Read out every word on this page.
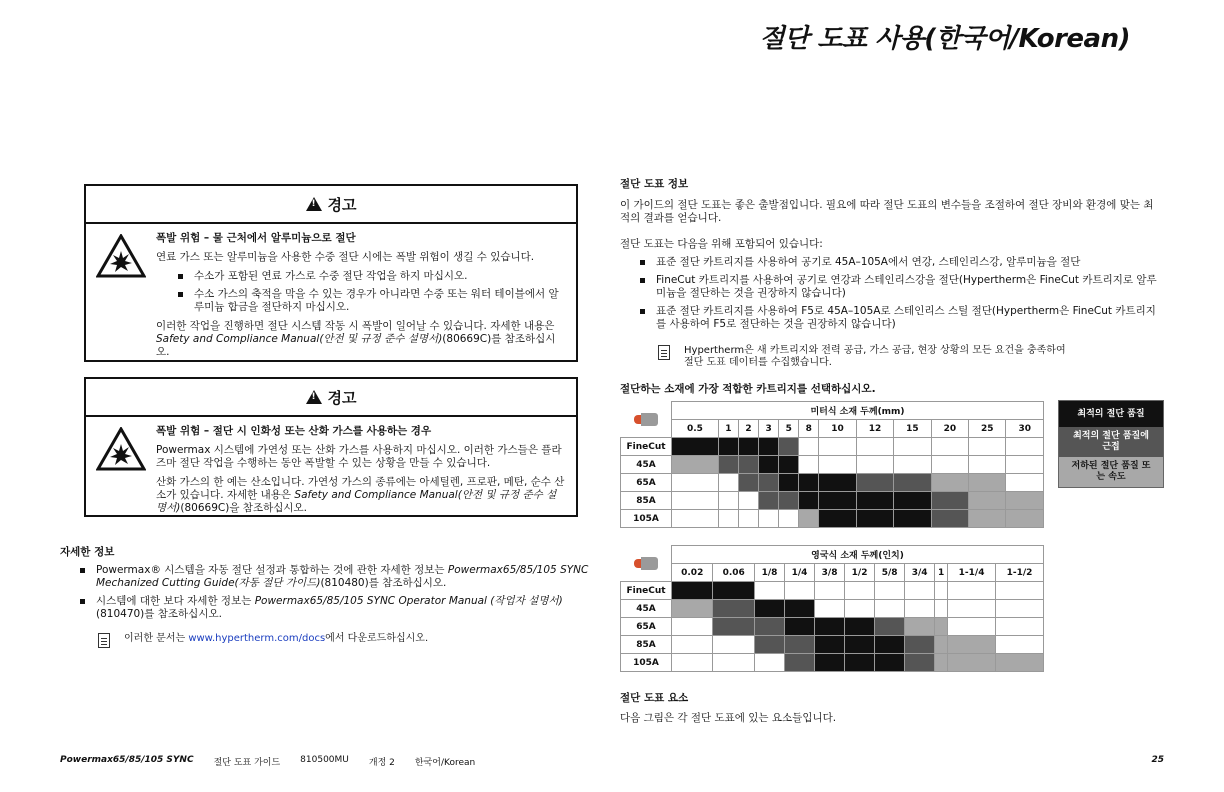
절단 도표 사용(한국어/Korean)
!
경고
폭발 위험 – 물 근처에서 알루미늄으로 절단

연료 가스 또는 알루미늄을 사용한 수중 절단 시에는 폭발 위험이 생길 수 있습니다.

수소가 포함된 연료 가스로 수중 절단 작업을 하지 마십시오.
수소 가스의 축적을 막을 수 있는 경우가 아니라면 수중 또는 워터 테이블에서 알루미늄 합금을 절단하지 마십시오.

이러한 작업을 진행하면 절단 시스템 작동 시 폭발이 일어날 수 있습니다. 자세한 내용은 Safety and Compliance Manual(안전 및 규정 준수 설명서)(80669C)를 참조하십시오.

!
경고
폭발 위험 – 절단 시 인화성 또는 산화 가스를 사용하는 경우

Powermax 시스템에 가연성 또는 산화 가스를 사용하지 마십시오. 이러한 가스들은 플라즈마 절단 작업을 수행하는 동안 폭발할 수 있는 상황을 만들 수 있습니다.

산화 가스의 한 예는 산소입니다. 가연성 가스의 종류에는 아세틸렌, 프로판, 메탄, 순수 산소가 있습니다. 자세한 내용은 Safety and Compliance Manual(안전 및 규정 준수 설명서)(80669C)을 참조하십시오.

자세한 정보
Powermax® 시스템을 자동 절단 설정과 통합하는 것에 관한 자세한 정보는 Powermax65/85/105 SYNC Mechanized Cutting Guide(자동 절단 가이드)(810480)를 참조하십시오.
시스템에 대한 보다 자세한 정보는 Powermax65/85/105 SYNC Operator Manual (작업자 설명서)(810470)를 참조하십시오.
이러한 문서는 www.hypertherm.com/docs에서 다운로드하십시오.
절단 도표 정보
이 가이드의 절단 도표는 좋은 출발점입니다. 필요에 따라 절단 도표의 변수들을 조절하여 절단 장비와 환경에 맞는 최적의 결과를 얻습니다.
절단 도표는 다음을 위해 포함되어 있습니다:
표준 절단 카트리지를 사용하여 공기로 45A–105A에서 연강, 스테인리스강, 알루미늄을 절단
FineCut 카트리지를 사용하여 공기로 연강과 스테인리스강을 절단(Hypertherm은 FineCut 카트리지로 알루미늄을 절단하는 것을 권장하지 않습니다)
표준 절단 카트리지를 사용하여 F5로 45A–105A로 스테인리스 스틸 절단(Hypertherm은 FineCut 카트리지를 사용하여 F5로 절단하는 것을 권장하지 않습니다)
Hypertherm은 새 카트리지와 전력 공급, 가스 공급, 현장 상황의 모든 요건을 충족하여 절단 도표 데이터를 수집했습니다.
절단하는 소재에 가장 적합한 카트리지를 선택하십시오.
	미터식 소재 두께(mm)											
	0.5	1	2	3	5	8	10	12	15	20	25	30
FineCut												
45A												
65A												
85A												
105A												
	영국식 소재 두께(인치)										
	0.02	0.06	1/8	1/4	3/8	1/2	5/8	3/4	1	1-1/4	1-1/2
FineCut											
45A											
65A											
85A											
105A											
최적의 절단 품질
최적의 절단 품질에 근접
저하된 절단 품질 또는 속도
절단 도표 요소
다음 그림은 각 절단 도표에 있는 요소들입니다.
Powermax65/85/105 SYNC 절단 도표 가이드 810500MU 개정 2 한국어/Korean	25
